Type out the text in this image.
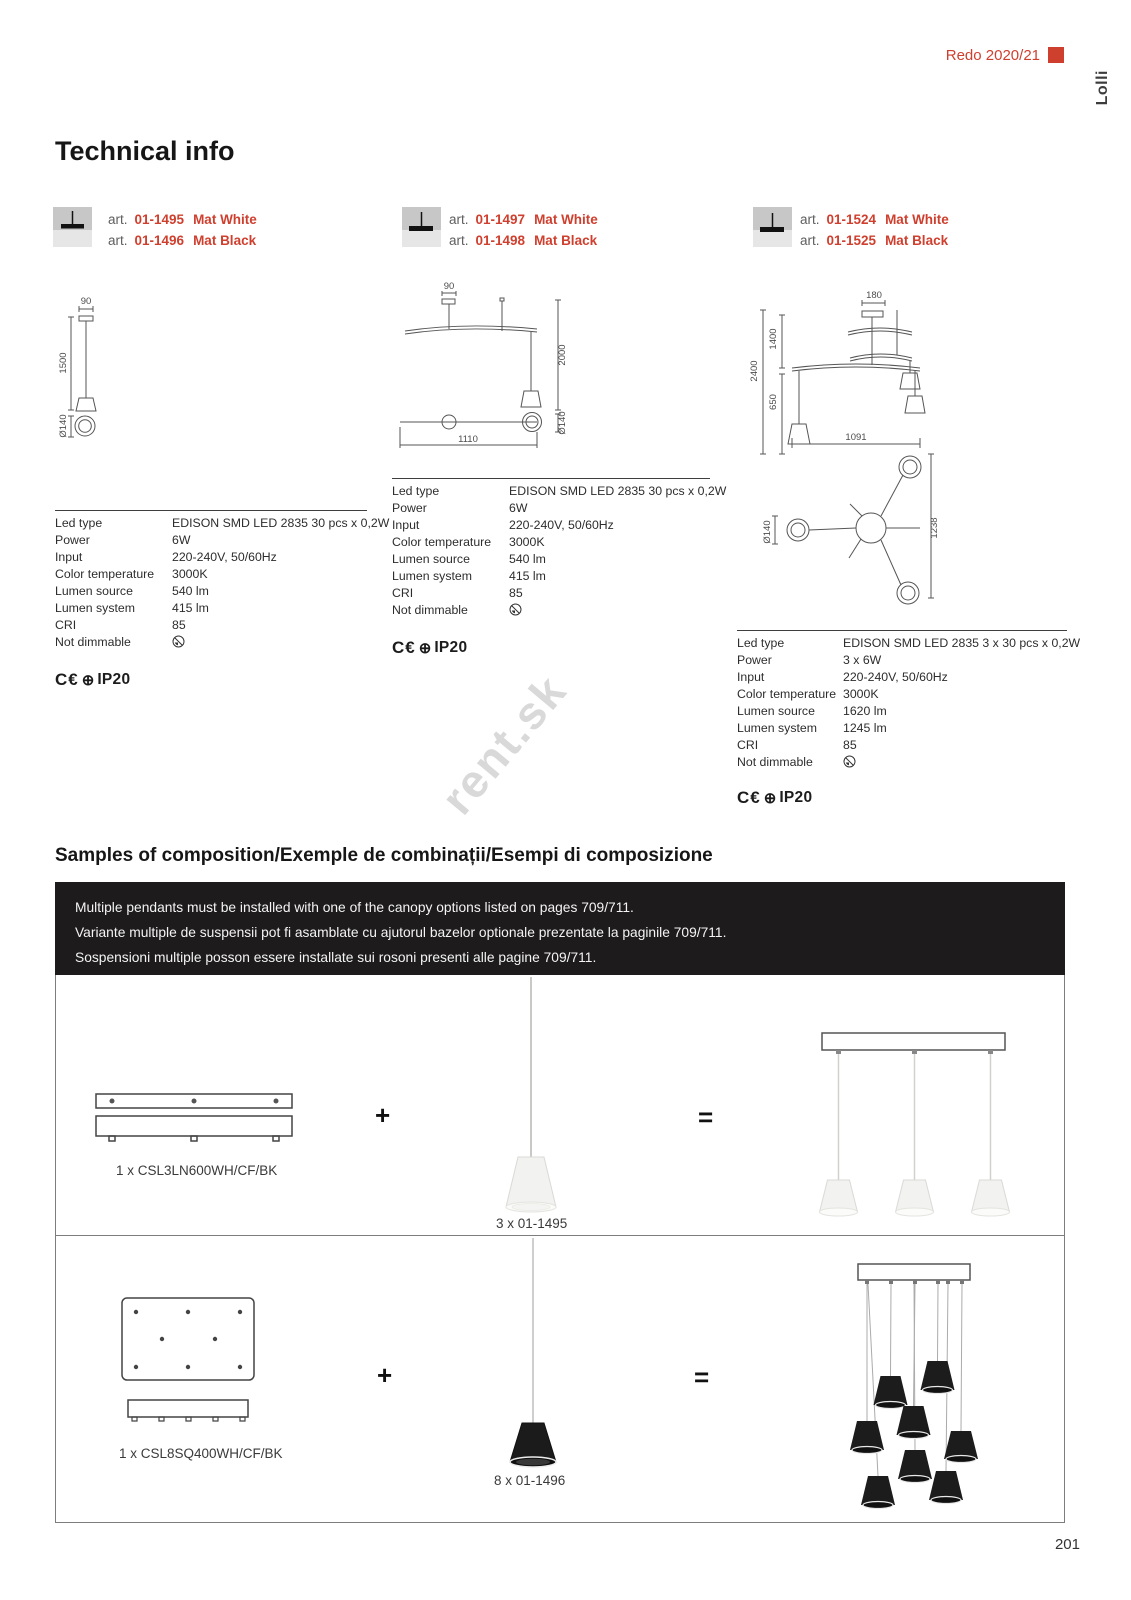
Redo 2020/21
Lolli
Technical info
art. 01-1495 Mat White
art. 01-1496 Mat Black
art. 01-1497 Mat White
art. 01-1498 Mat Black
art. 01-1524 Mat White
art. 01-1525 Mat Black
90
1500
Ø140
90
2000
1110
Ø140
180
2400
1400
650
1091
Ø140	1238
Led type	EDISON SMD LED 2835 30 pcs x 0,2W
Power	6W
Input	220-240V, 50/60Hz
Color temperature	3000K
Lumen source	540 lm
Lumen system	415 lm
CRI	85
Not dimmable
C€ ⊕ IP20
Led type	EDISON SMD LED 2835 30 pcs x 0,2W
Power	6W
Input	220-240V, 50/60Hz
Color temperature	3000K
Lumen source	540 lm
Lumen system	415 lm
CRI	85
Not dimmable
C€ ⊕ IP20	Led type	EDISON SMD LED 2835 3 x 30 pcs x 0,2W
Power	3 x 6W
Input	220-240V, 50/60Hz
Color temperature 3000K
Lumen source	1620 lm
Lumen system	1245 lm
CRI	85
Not dimmable
C€ ⊕ IP20
rent.sk
Samples of composition/Exemple de combinații/Esempi di composizione
Multiple pendants must be installed with one of the canopy options listed on pages 709/711.
Variante multiple de suspensii pot fi asamblate cu ajutorul bazelor optionale prezentate la paginile 709/711.
Sospensioni multiple posson essere installate sui rosoni presenti alle pagine 709/711.
1 x CSL3LN600WH/CF/BK
+
3 x 01-1495
=
1 x CSL8SQ400WH/CF/BK
+
8 x 01-1496
=
201
